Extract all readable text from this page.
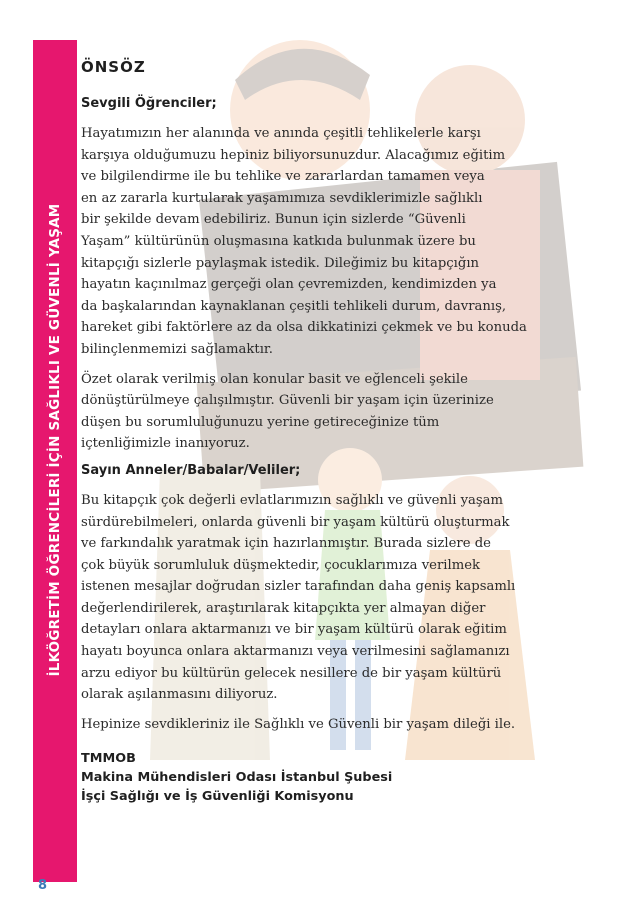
İLKÖĞRETİM ÖĞRENCİLERİ İÇİN SAĞLIKLI VE GÜVENLİ YAŞAM
ÖNSÖZ
Sevgili Öğrenciler;

Hayatımızın her alanında ve anında çeşitli tehlikelerle karşı
karşıya olduğumuzu hepiniz biliyorsunuzdur. Alacağımız eğitim
ve bilgilendirme ile bu tehlike ve zararlardan tamamen veya
en az zararla kurtularak yaşamımıza sevdiklerimizle sağlıklı
bir şekilde devam edebiliriz. Bunun için sizlerde “Güvenli
Yaşam” kültürünün oluşmasına katkıda bulunmak üzere bu
kitapçığı sizlerle paylaşmak istedik. Dileğimiz bu kitapçığın
hayatın kaçınılmaz gerçeği olan çevremizden, kendimizden ya
da başkalarından kaynaklanan çeşitli tehlikeli durum, davranış,
hareket gibi faktörlere az da olsa dikkatinizi çekmek ve bu konuda
bilinçlenmemizi sağlamaktır.

Özet olarak verilmiş olan konular basit ve eğlenceli şekile
dönüştürülmeye çalışılmıştır. Güvenli bir yaşam için üzerinize
düşen bu sorumluluğunuzu yerine getireceğinize tüm
içtenliğimizle inanıyoruz.

Sayın Anneler/Babalar/Veliler;

Bu kitapçık çok değerli evlatlarımızın sağlıklı ve güvenli yaşam
sürdürebilmeleri, onlarda güvenli bir yaşam kültürü oluşturmak
ve farkındalık yaratmak için hazırlanmıştır. Burada sizlere de
çok büyük sorumluluk düşmektedir, çocuklarımıza verilmek
istenen mesajlar doğrudan sizler tarafından daha geniş kapsamlı
değerlendirilerek, araştırılarak kitapçıkta yer almayan diğer
detayları onlara aktarmanızı ve bir yaşam kültürü olarak eğitim
hayatı boyunca onlara aktarmanızı veya verilmesini sağlamanızı
arzu ediyor bu kültürün gelecek nesillere de bir yaşam kültürü
olarak aşılanmasını diliyoruz.

Hepinize sevdikleriniz ile Sağlıklı ve Güvenli bir yaşam dileği ile.

TMMOB
Makina Mühendisleri Odası İstanbul Şubesi
İşçi Sağlığı ve İş Güvenliği Komisyonu
8
